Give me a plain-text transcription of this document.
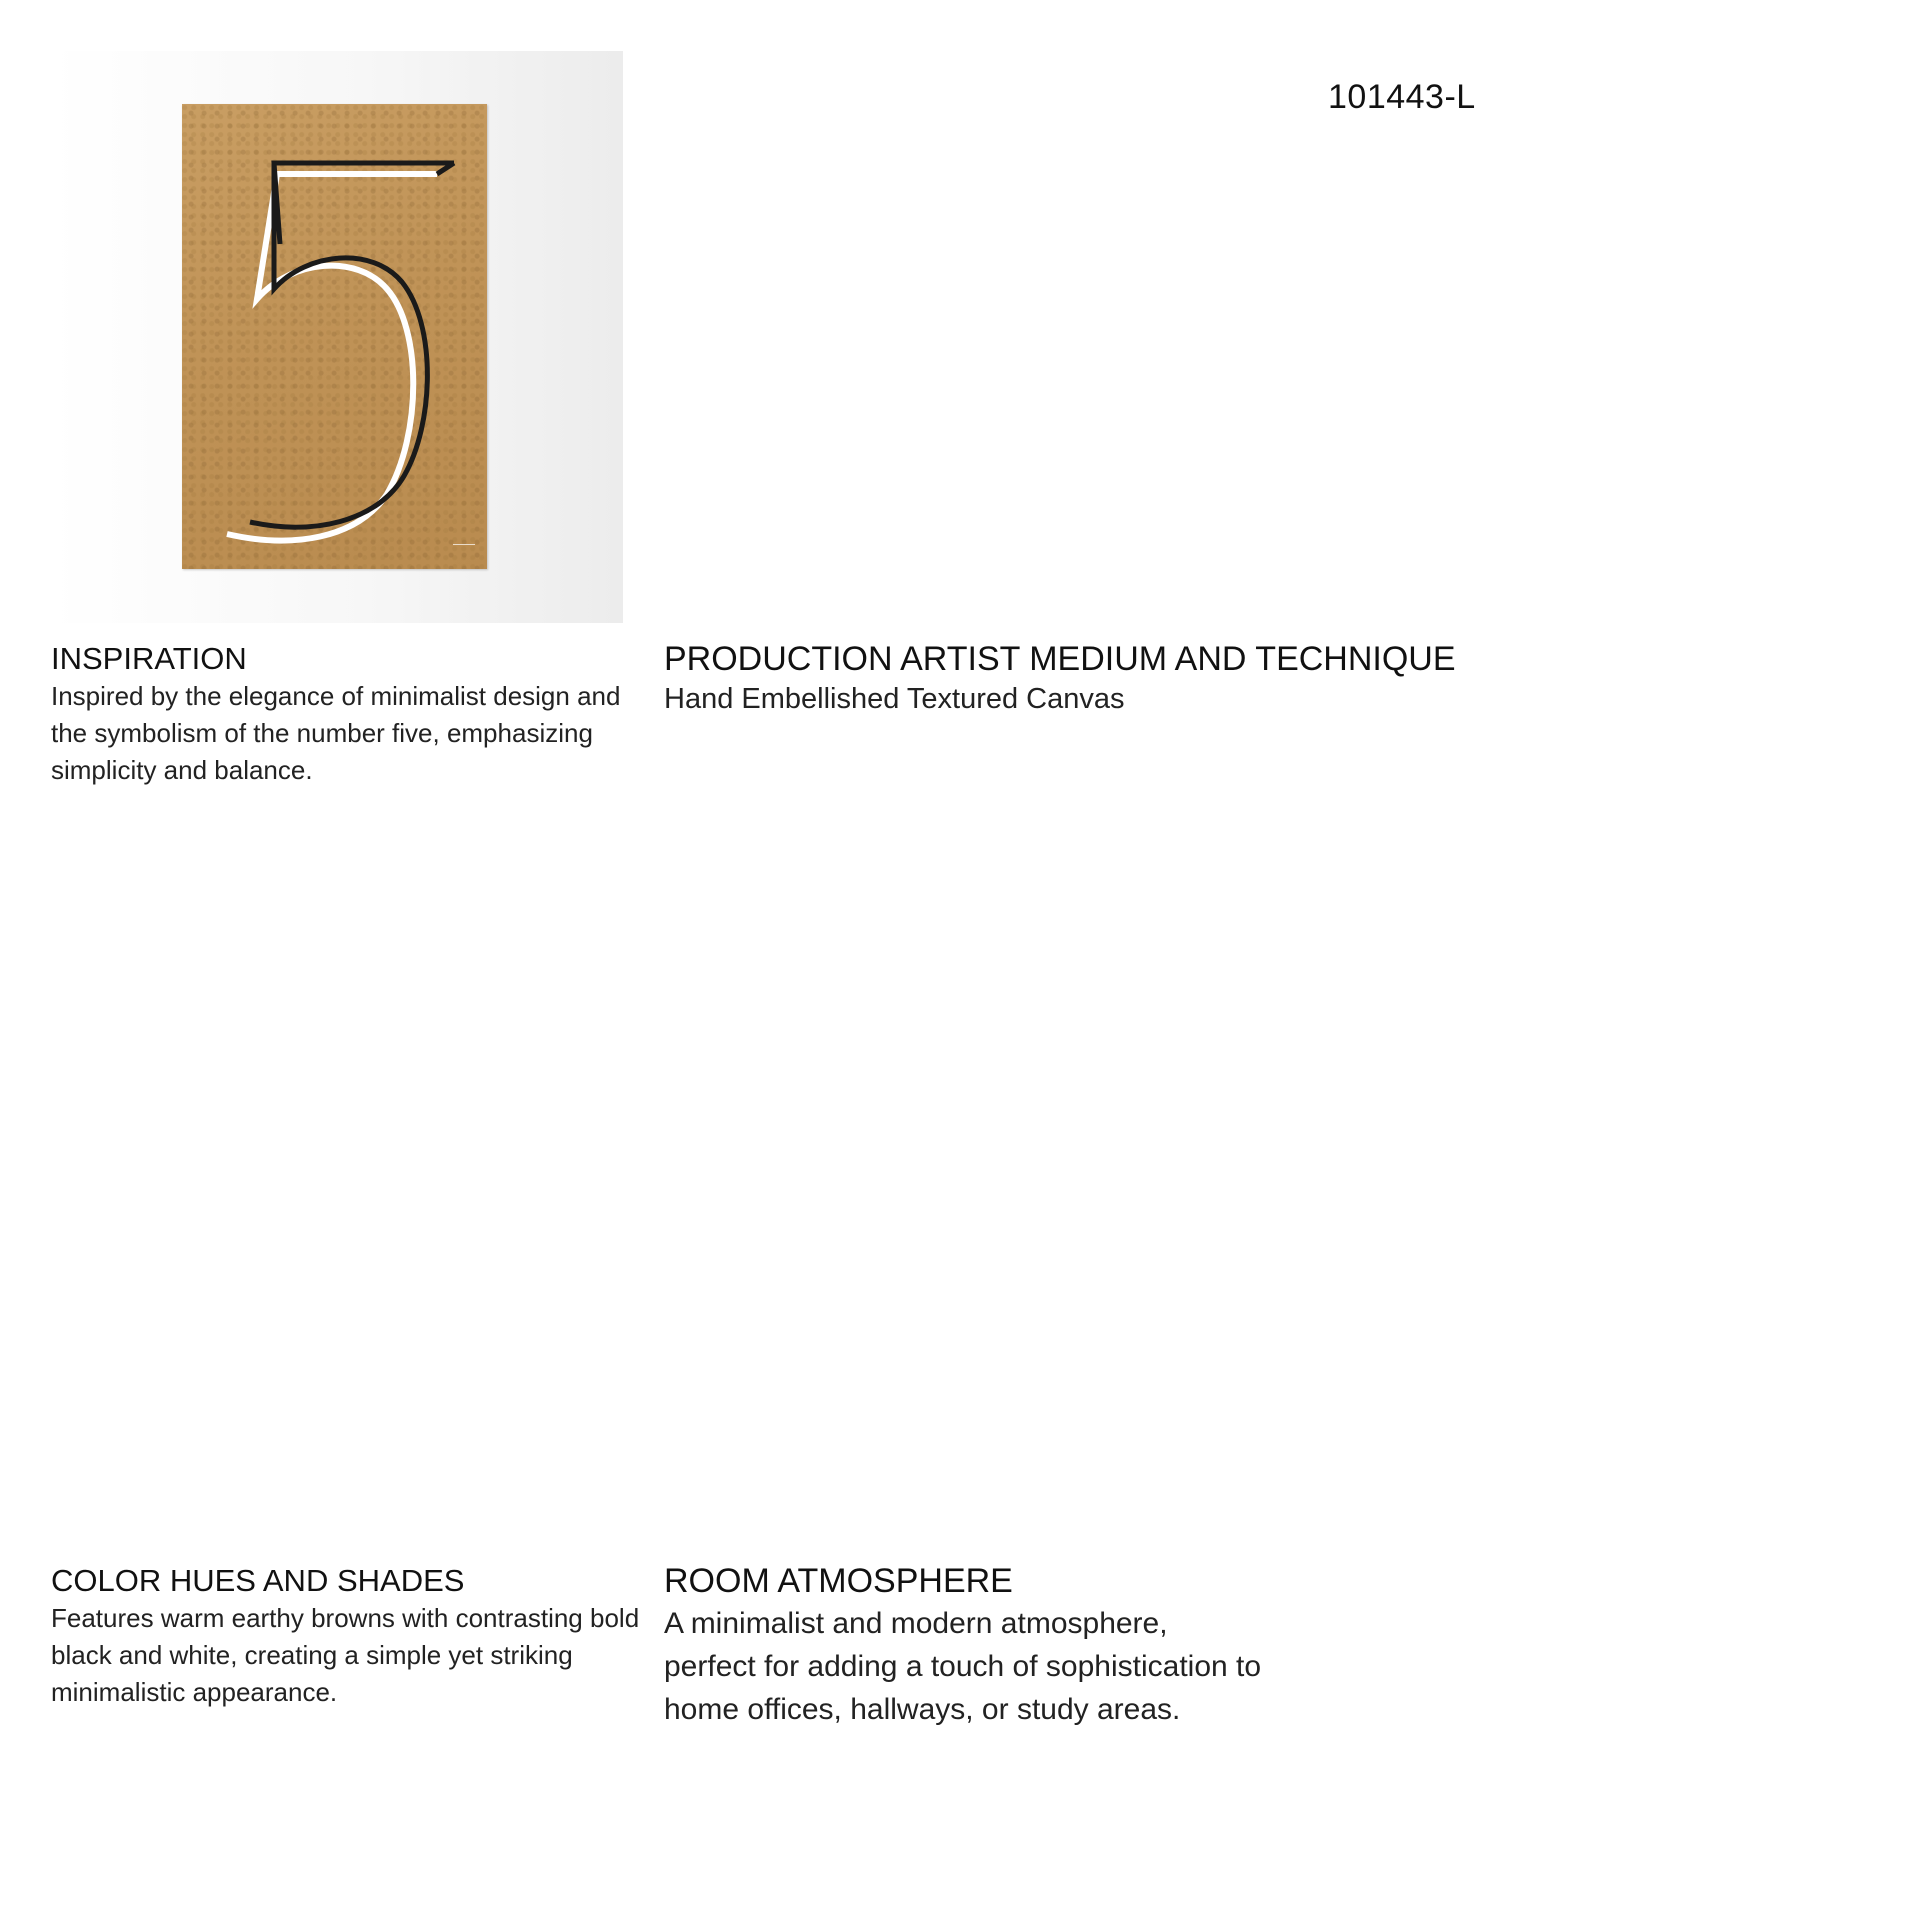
101443-L
INSPIRATION

Inspired by the elegance of minimalist design and the symbolism of the number five, emphasizing simplicity and balance.

PRODUCTION ARTIST MEDIUM AND TECHNIQUE

Hand Embellished Textured Canvas

COLOR HUES AND SHADES

Features warm earthy browns with contrasting bold black and white, creating a simple yet striking minimalistic appearance.

ROOM ATMOSPHERE

A minimalist and modern atmosphere, perfect for adding a touch of sophistication to home offices, hallways, or study areas.
